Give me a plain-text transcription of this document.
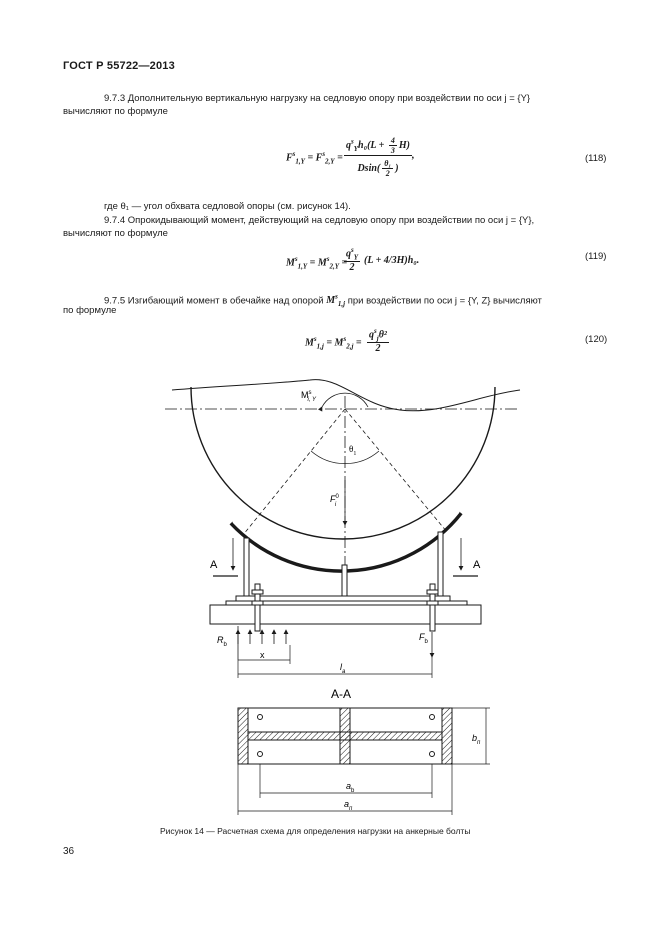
ГОСТ Р 55722—2013
9.7.3 Дополнительную вертикальную нагрузку на седловую опору при воздействии по оси j = {Y}
вычисляют по формуле
$F^s_{1,Y} = F^s_{2,Y}$ =
$q^s_Yh_0(L + \frac{4}{3} H)$
$Dsin( \frac{\text{θ₁}}{2}$ )
,	(118)
где θ₁ — угол обхвата седловой опоры (см. рисунок 14).
9.7.4 Опрокидывающий момент, действующий на седловую опору при воздействии по оси j = {Y},
вычисляют по формуле
$M^s_{1,Y} = M^s_{2,Y}$ =
$q^s_Y$
2
(L + 4/3H)h₀.	(119)
9.7.5 Изгибающий момент в обечайке над опорой $M^s_{1,j}$ при воздействии по оси j = {Y, Z} вычисляют
по формуле
$M^s_{1,j} = M^s_{2,j}$ =
$q^s_j\theta^2$
2
(120)
$M^s$ i, Y
$\theta_1$
$F^0$ i
A	A
$R_b$
$F_b$
x
$l_a$
A-A
$b_п$
$a_b$
$a_п$
Рисунок 14 — Расчетная схема для определения нагрузки на анкерные болты
36
